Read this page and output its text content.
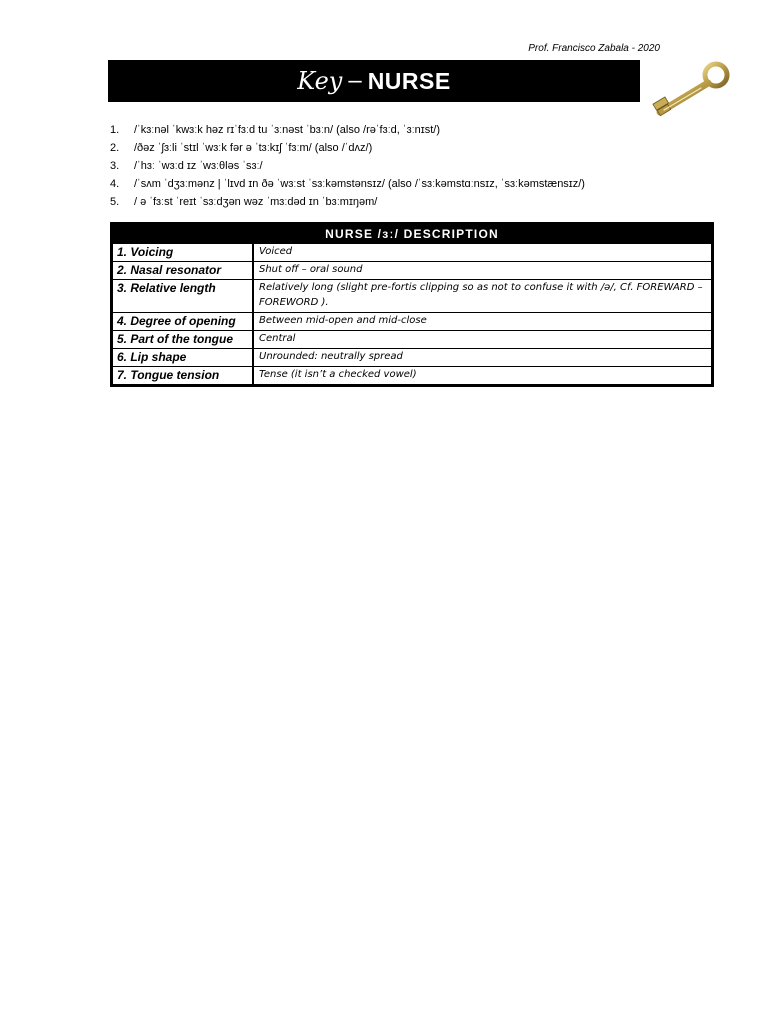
Prof. Francisco Zabala - 2020
Key – NURSE
1.	/ˈkɜːnəl ˈkwɜːk həz rɪˈfɜːd tu ˈɜːnəst ˈbɜːn/ (also /rəˈfɜːd, ˈɜːnɪst/)
2.	/ðəz ˈʃɜːli ˈstɪl ˈwɜːk fər ə ˈtɜːkɪʃ ˈfɜːm/ (also /ˈdʌz/)
3.	/ˈhɜː ˈwɜːd ɪz ˈwɜːθləs ˈsɜː/
4.	/ˈsʌm ˈdʒɜːmənz | ˈlɪvd ɪn ðə ˈwɜːst ˈsɜːkəmstənsɪz/ (also /ˈsɜːkəmstɑːnsɪz, ˈsɜːkəmstænsɪz/)
5.	/ ə ˈfɜːst ˈreɪt ˈsɜːdʒən wəz ˈmɜːdəd ɪn ˈbɜːmɪŋəm/
NURSE /ɜː/ DESCRIPTION
1. Voicing	Voiced
2. Nasal resonator	Shut off – oral sound
3. Relative length	Relatively long (slight pre-fortis clipping so as not to confuse it with /ə/, Cf. FOREWARD – FOREWORD ).
4. Degree of opening	Between mid-open and mid-close
5. Part of the tongue	Central
6. Lip shape	Unrounded: neutrally spread
7. Tongue tension	Tense (it isn’t a checked vowel)
